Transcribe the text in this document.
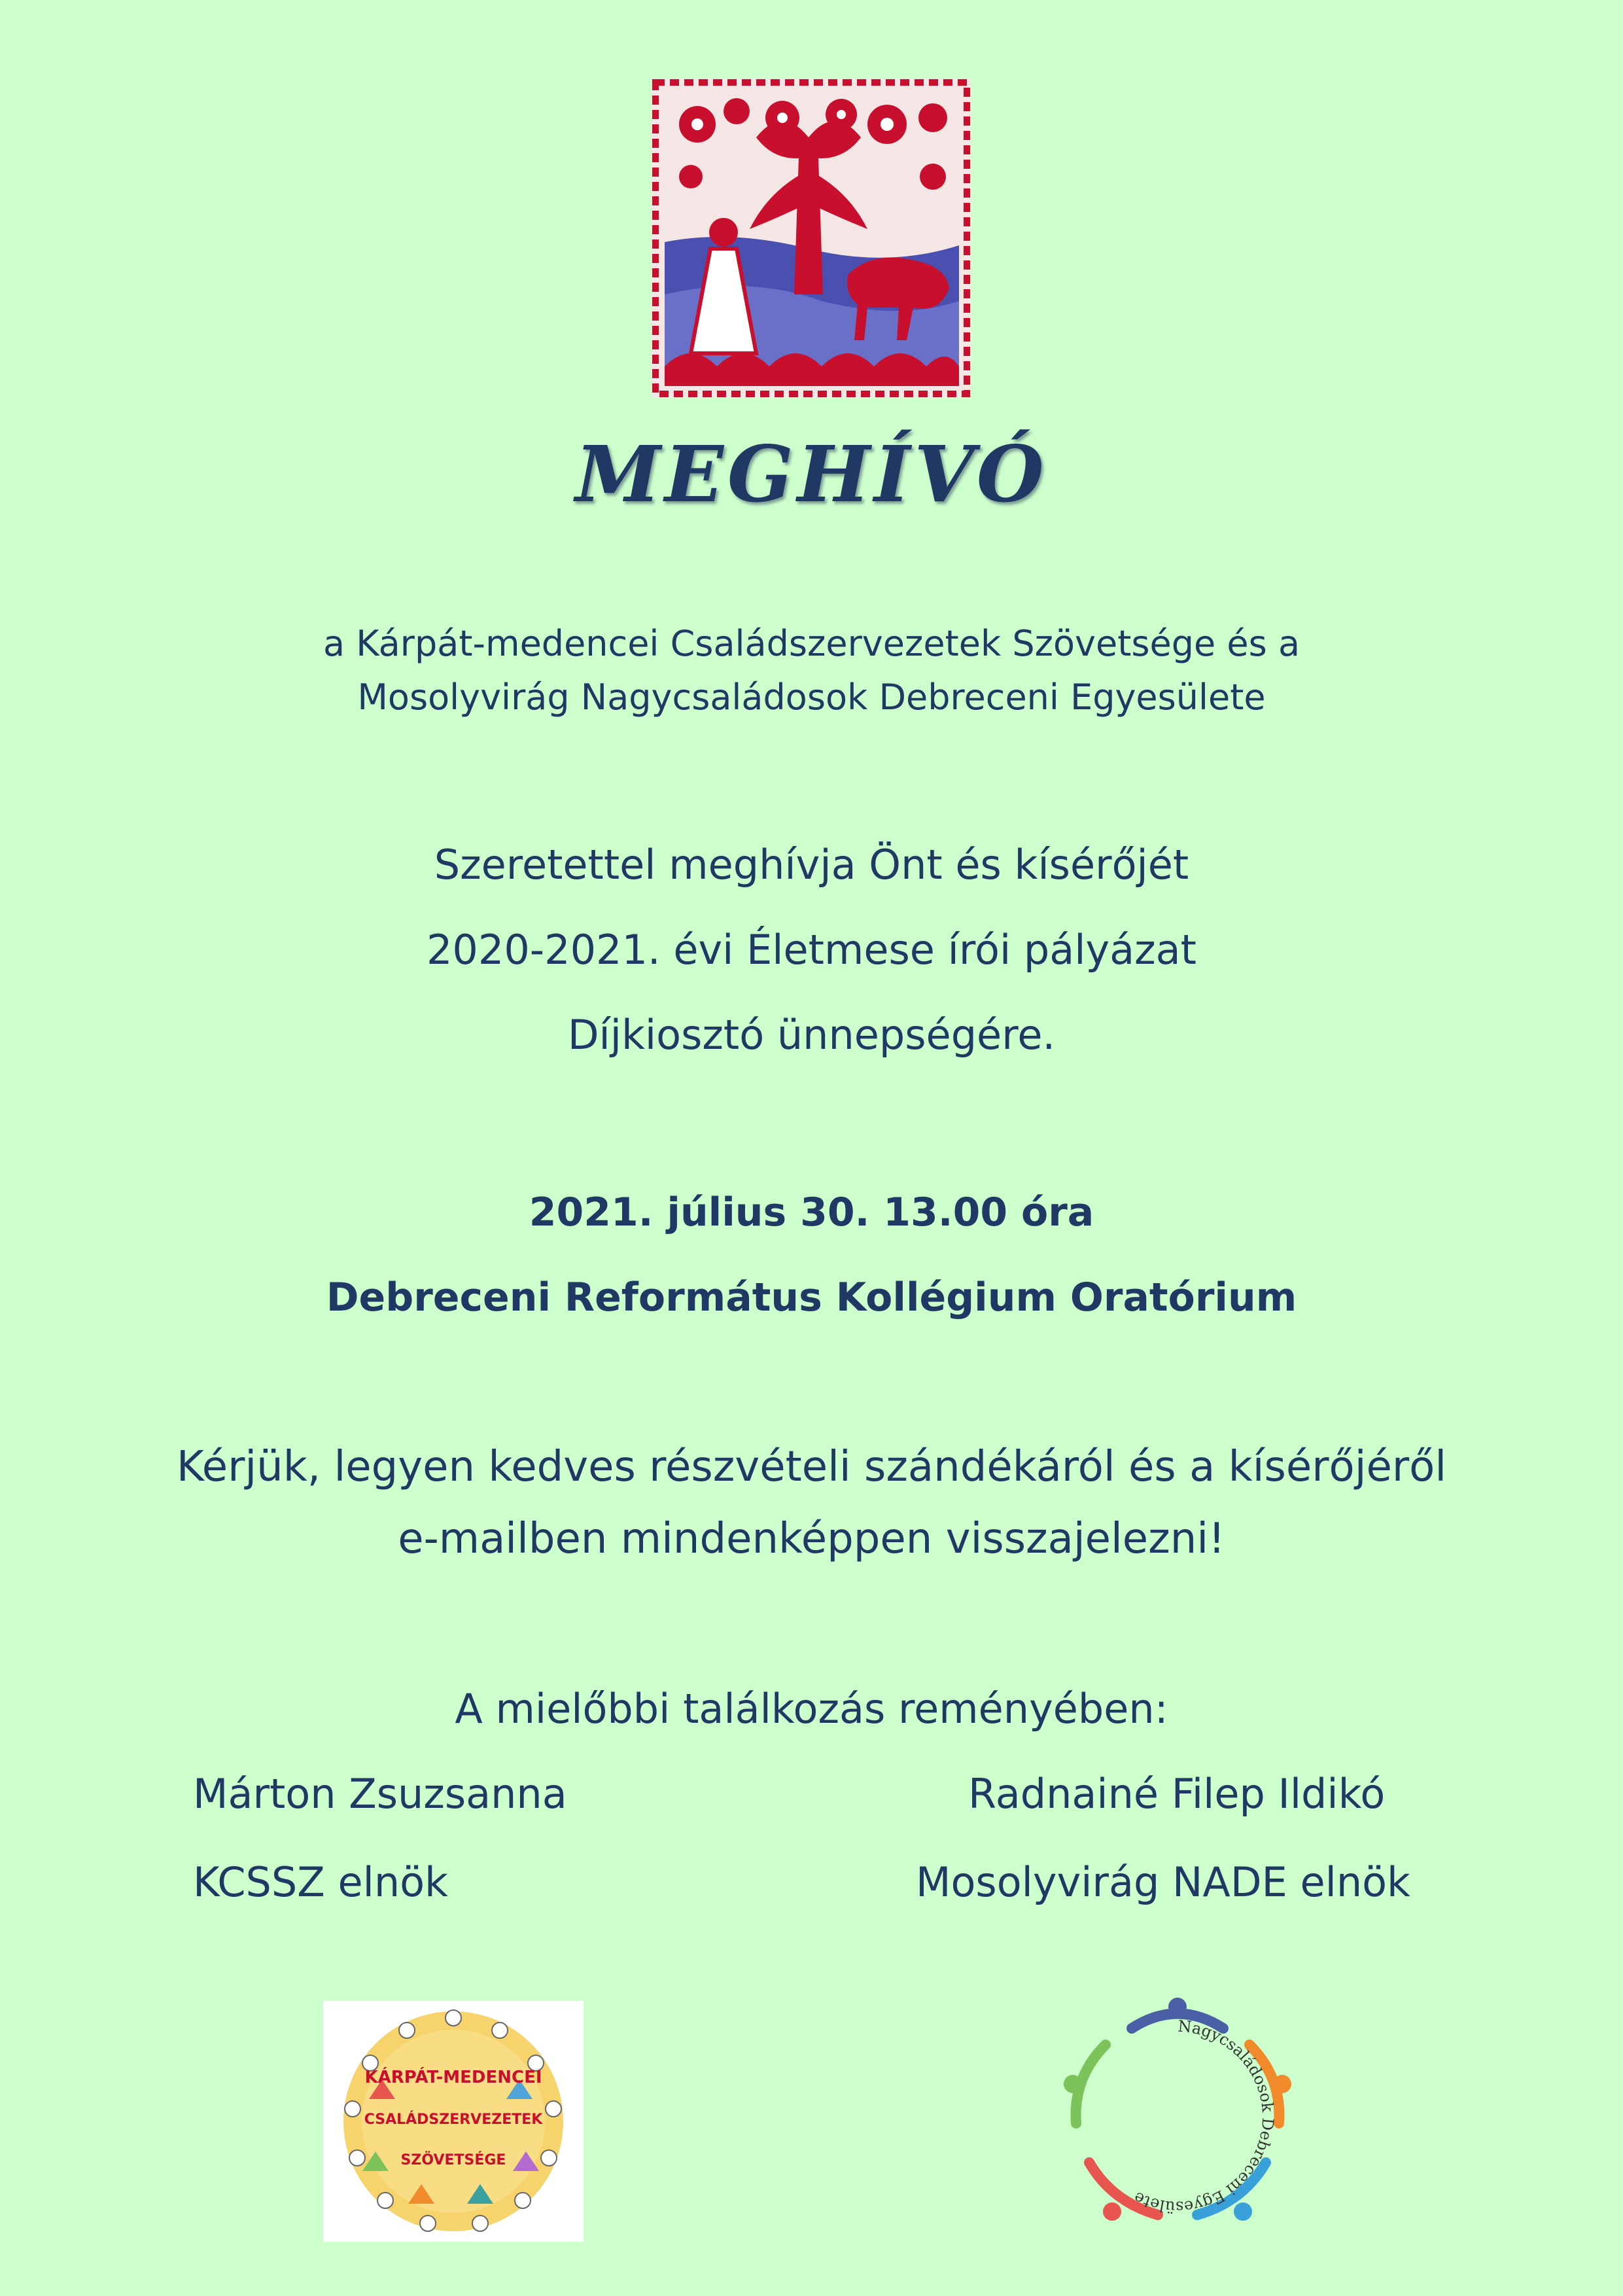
MEGHÍVÓ
a Kárpát-medencei Családszervezetek Szövetsége és a
Mosolyvirág Nagycsaládosok Debreceni Egyesülete
Szeretettel meghívja Önt és kísérőjét
2020-2021. évi Életmese írói pályázat
Díjkiosztó ünnepségére.
2021. július 30. 13.00 óra
Debreceni Református Kollégium Oratórium
Kérjük, legyen kedves részvételi szándékáról és a kísérőjéről
e-mailben mindenképpen visszajelezni!
A mielőbbi találkozás reményében:
Márton Zsuzsanna
KCSSZ elnök
Radnainé Filep Ildikó
Mosolyvirág NADE elnök
KÁRPÁT-MEDENCEI
CSALÁDSZERVEZETEK
SZÖVETSÉGE
Nagycsaládosok Debreceni Egyesülete
